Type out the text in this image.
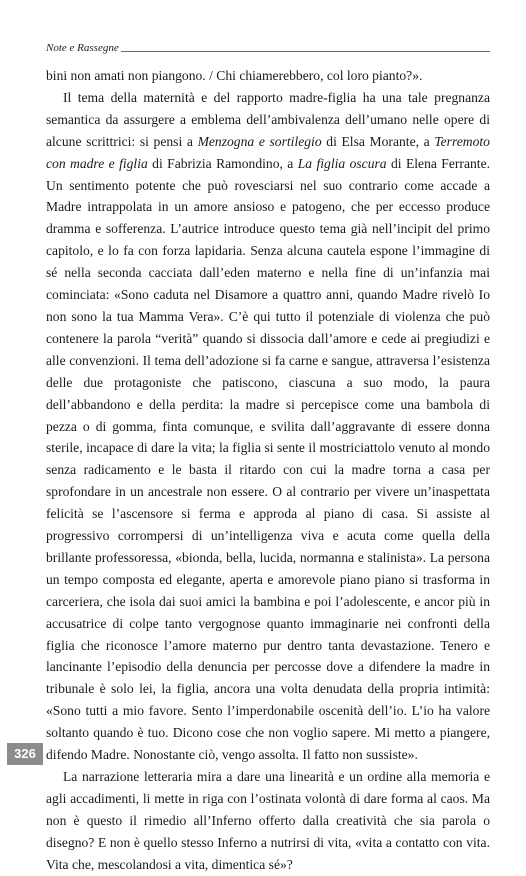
Note e Rassegne

bini non amati non piangono. / Chi chiamerebbero, col loro pianto?».

Il tema della maternità e del rapporto madre-figlia ha una tale pregnanza semantica da assurgere a emblema dell’ambivalenza dell’umano nelle opere di alcune scrittrici: si pensi a Menzogna e sortilegio di Elsa Morante, a Terremoto con madre e figlia di Fabrizia Ramondino, a La figlia oscura di Elena Ferrante. Un sentimento potente che può rovesciarsi nel suo contrario come accade a Madre intrappolata in un amore ansioso e patogeno, che per eccesso produce dramma e sofferenza. L’autrice introduce questo tema già nell’incipit del primo capitolo, e lo fa con forza lapidaria. Senza alcuna cautela espone l’immagine di sé nella seconda cacciata dall’eden materno e nella fine di un’infanzia mai cominciata: «Sono caduta nel Disamore a quattro anni, quando Madre rivelò Io non sono la tua Mamma Vera». C’è qui tutto il potenziale di violenza che può contenere la parola “verità” quando si dissocia dall’amore e cede ai pregiudizi e alle convenzioni. Il tema dell’adozione si fa carne e sangue, attraversa l’esistenza delle due protagoniste che patiscono, ciascuna a suo modo, la paura dell’abbandono e della perdita: la madre si percepisce come una bambola di pezza o di gomma, finta comunque, e svilita dall’aggravante di essere donna sterile, incapace di dare la vita; la figlia si sente il mostriciattolo venuto al mondo senza radicamento e le basta il ritardo con cui la madre torna a casa per sprofondare in un ancestrale non essere. O al contrario per vivere un’inaspettata felicità se l’ascensore si ferma e approda al piano di casa. Si assiste al progressivo corrompersi di un’intelligenza viva e acuta come quella della brillante professoressa, «bionda, bella, lucida, normanna e stalinista». La persona un tempo composta ed elegante, aperta e amorevole piano piano si trasforma in carceriera, che isola dai suoi amici la bambina e poi l’adolescente, e ancor più in accusatrice di colpe tanto vergognose quanto immaginarie nei confronti della figlia che riconosce l’amore materno pur dentro tanta devastazione. Tenero e lancinante l’episodio della denuncia per percosse dove a difendere la madre in tribunale è solo lei, la figlia, ancora una volta denudata della propria intimità: «Sono tutti a mio favore. Sento l’imperdonabile oscenità dell’io. L’io ha valore soltanto quando è tuo. Dicono cose che non voglio sapere. Mi metto a piangere, difendo Madre. Nonostante ciò, vengo assolta. Il fatto non sussiste».

La narrazione letteraria mira a dare una linearità e un ordine alla memoria e agli accadimenti, li mette in riga con l’ostinata volontà di dare forma al caos. Ma non è questo il rimedio all’Inferno offerto dalla creatività che sia parola o disegno? E non è quello stesso Inferno a nutrirsi di vita, «vita a contatto con vita. Vita che, mescolandosi a vita, dimentica sé»?

326
